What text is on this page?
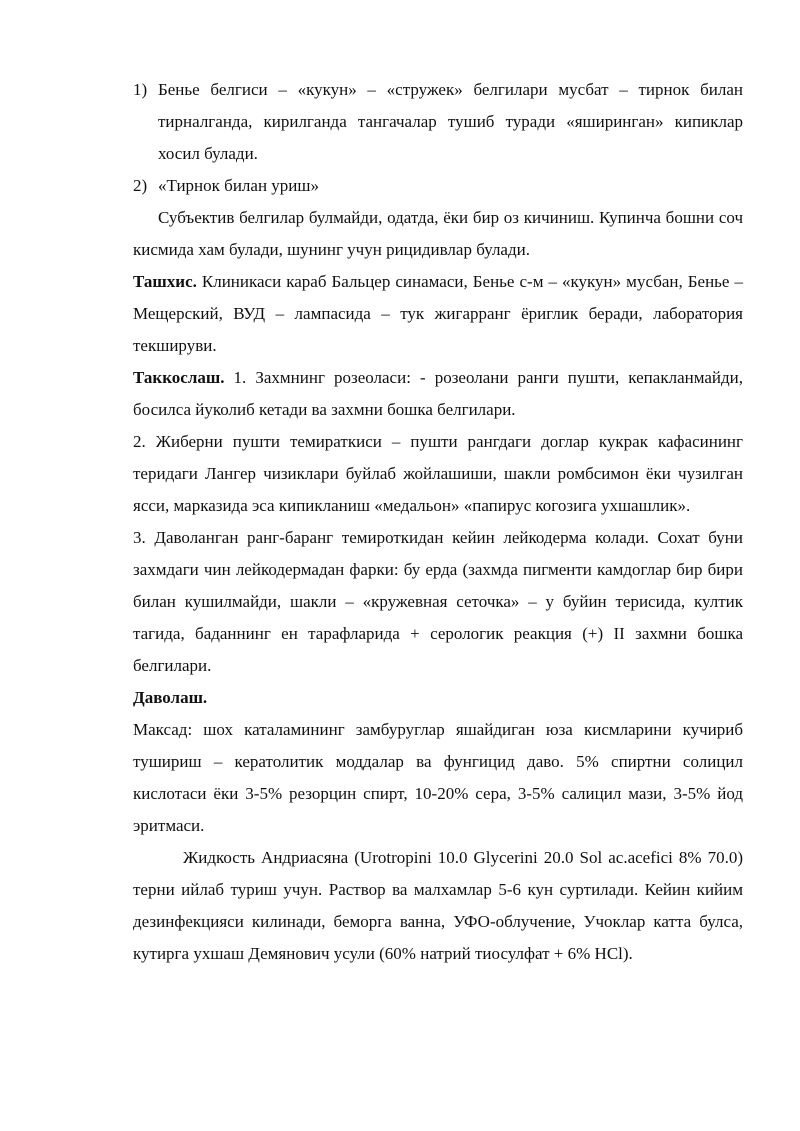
1) Бенье белгиси – «кукун» – «стружек» белгилари мусбат – тирнок билан тирналганда, кирилганда тангачалар тушиб туради «яширинган» кипиклар хосил булади.

2) «Тирнок билан уриш»

Субъектив белгилар булмайди, одатда, ёки бир оз кичиниш. Купинча бошни соч кисмида хам булади, шунинг учун рицидивлар булади.

Ташхис. Клиникаси караб Бальцер синамаси, Бенье с-м – «кукун» мусбан, Бенье – Мещерский, ВУД – лампасида – тук жигарранг ёриглик беради, лаборатория текшируви.

Таккослаш. 1. Захмнинг розеоласи: - розеолани ранги пушти, кепакланмайди, босилса йуколиб кетади ва захмни бошка белгилари.

2. Жиберни пушти темираткиси – пушти рангдаги доглар кукрак кафасининг теридаги Лангер чизиклари буйлаб жойлашиши, шакли ромбсимон ёки чузилган ясси, марказида эса кипикланиш «медальон» «папирус когозига ухшашлик».

3. Даволанган ранг-баранг темироткидан кейин лейкодерма колади. Сохат буни захмдаги чин лейкодермадан фарки: бу ерда (захмда пигменти камдоглар бир бири билан кушилмайди, шакли – «кружевная сеточка» – у буйин терисида, култик тагида, баданнинг ен тарафларида + серологик реакция (+) II захмни бошка белгилари.

Даволаш.

Максад: шох каталамининг замбуруглар яшайдиган юза кисмларини кучириб тушириш – кератолитик моддалар ва фунгицид даво. 5% спиртни солицил кислотаси ёки 3-5% резорцин спирт, 10-20% сера, 3-5% салицил мази, 3-5% йод эритмаси.

Жидкость Андриасяна (Urotropini 10.0 Glycerini 20.0 Sol ac.acefici 8% 70.0) терни ийлаб туриш учун. Раствор ва малхамлар 5-6 кун суртилади. Кейин кийим дезинфекцияси килинади, беморга ванна, УФО-облучение, Учоклар катта булса, кутирга ухшаш Демянович усули (60% натрий тиосулфат + 6% HCl).
